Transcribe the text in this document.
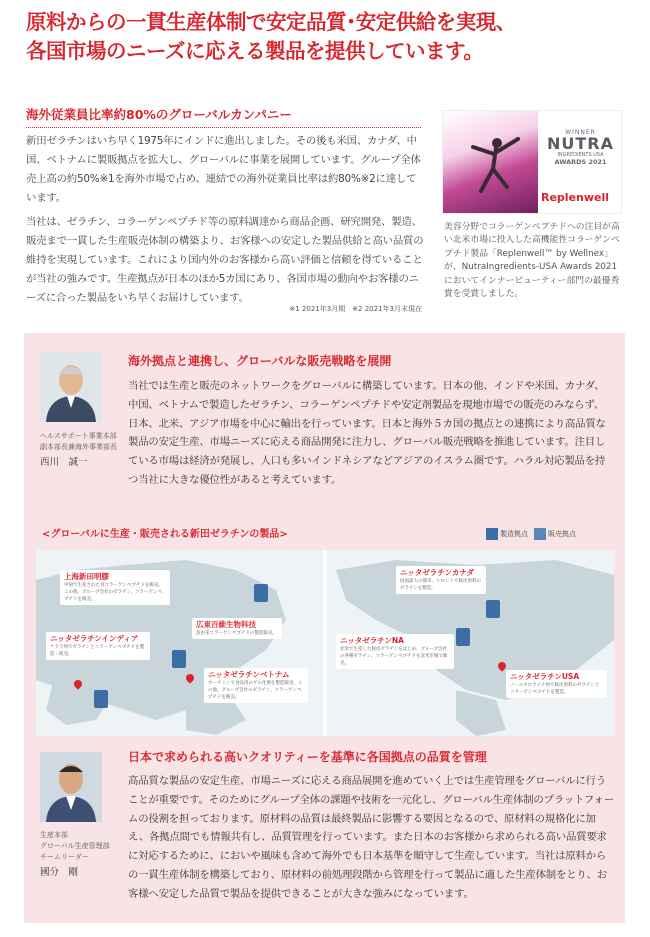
原料からの一貫生産体制で安定品質･安定供給を実現、
各国市場のニーズに応える製品を提供しています。
海外従業員比率約80%のグローバルカンパニー
新田ゼラチンはいち早く1975年にインドに進出しました。その後も米国、カナダ、中国、ベトナムに製販拠点を拡大し、グローバルに事業を展開しています。グループ全体売上高の約50%※1を海外市場で占め、連結での海外従業員比率は約80%※2に達しています。
当社は、ゼラチン、コラーゲンペプチド等の原料調達から商品企画、研究開発、製造、販売まで一貫した生産販売体制の構築より、お客様への安定した製品供給と高い品質の維持を実現しています。これにより国内外のお客様から高い評価と信頼を得ていることが当社の強みです。生産拠点が日本のほか5カ国にあり、各国市場の動向やお客様のニーズに合った製品をいち早くお届けしています。
※1 2021年3月期　※2 2021年3月末現在
WINNER
NUTRA
INGREDIENTS USA
AWARDS 2021
Replenwell
美容分野でコラーゲンペプチドへの注目が高い北米市場に投入した高機能性コラーゲンペプチド製品「Replenwell™ by Wellnex」が、NutraIngredients-USA Awards 2021においてインナービューティー部門の最優秀賞を受賞しました。
ヘルスサポート事業本部
副本部長兼海外事業部長
西川　誠一
海外拠点と連携し、グローバルな販売戦略を展開
当社では生産と販売のネットワークをグローバルに構築しています。日本の他、インドや米国、カナダ、中国、ベトナムで製造したゼラチン、コラーゲンペプチドや安定剤製品を現地市場での販売のみならず、日本、北米、アジア市場を中心に輸出を行っています。日本と海外５カ国の拠点との連携により高品質な製品の安定生産、市場ニーズに応える商品開発に注力し、グローバル販売戦略を推進しています。注目している市場は経済が発展し、人口も多いインドネシアなどアジアのイスラム圏です。ハラル対応製品を持つ当社に大きな優位性があると考えています。
<グローバルに生産・販売される新田ゼラチンの製品>	製造拠点	販売拠点
上海新田明膠
中国で生産された食コラーゲンペプチドを販売。この他、グループ会社のゼラチン、コラーゲンペプチドを販売。
広東百維生物科技
魚由来コラーゲンペプチドの製造販売。
ニッタゼラチンインディア
ケララ州でゼラチンとコラーゲンペプチドを製造・販売。
ニッタゼラチンベトナム
ホーチミンで食品用のゲル化剤を製造販売。この他、グループ会社のゼラチン、コラーゲンペプチドを販売。
ニッタゼラチンカナダ
同国最大の都市、トロントで豚皮原料のゼラチンを製造。
ニッタゼラチンNA
北米で生産した豚皮ゼラチンをはじめ、グループ会社の各種ゼラチン、コラーゲンペプチドを北米市場で販売。
ニッタゼラチンUSA
ノースカロライナ州で豚皮原料のゼラチンとコラーゲンペプチドを製造。
生産本部
グローバル生産管理部
チームリーダー
國分　剛
日本で求められる高いクオリティーを基準に各国拠点の品質を管理
高品質な製品の安定生産、市場ニーズに応える商品展開を進めていく上では生産管理をグローバルに行うことが重要です。そのためにグループ全体の課題や技術を一元化し、グローバル生産体制のプラットフォームの役割を担っております。原材料の品質は最終製品に影響する要因となるので、原材料の規格化に加え、各拠点間でも情報共有し、品質管理を行っています。また日本のお客様から求められる高い品質要求に対応するために、においや風味も含めて海外でも日本基準を順守して生産しています。当社は原料からの一貫生産体制を構築しており、原材料の前処理段階から管理を行って製品に適した生産体制をとり、お客様へ安定した品質で製品を提供できることが大きな強みになっています。
